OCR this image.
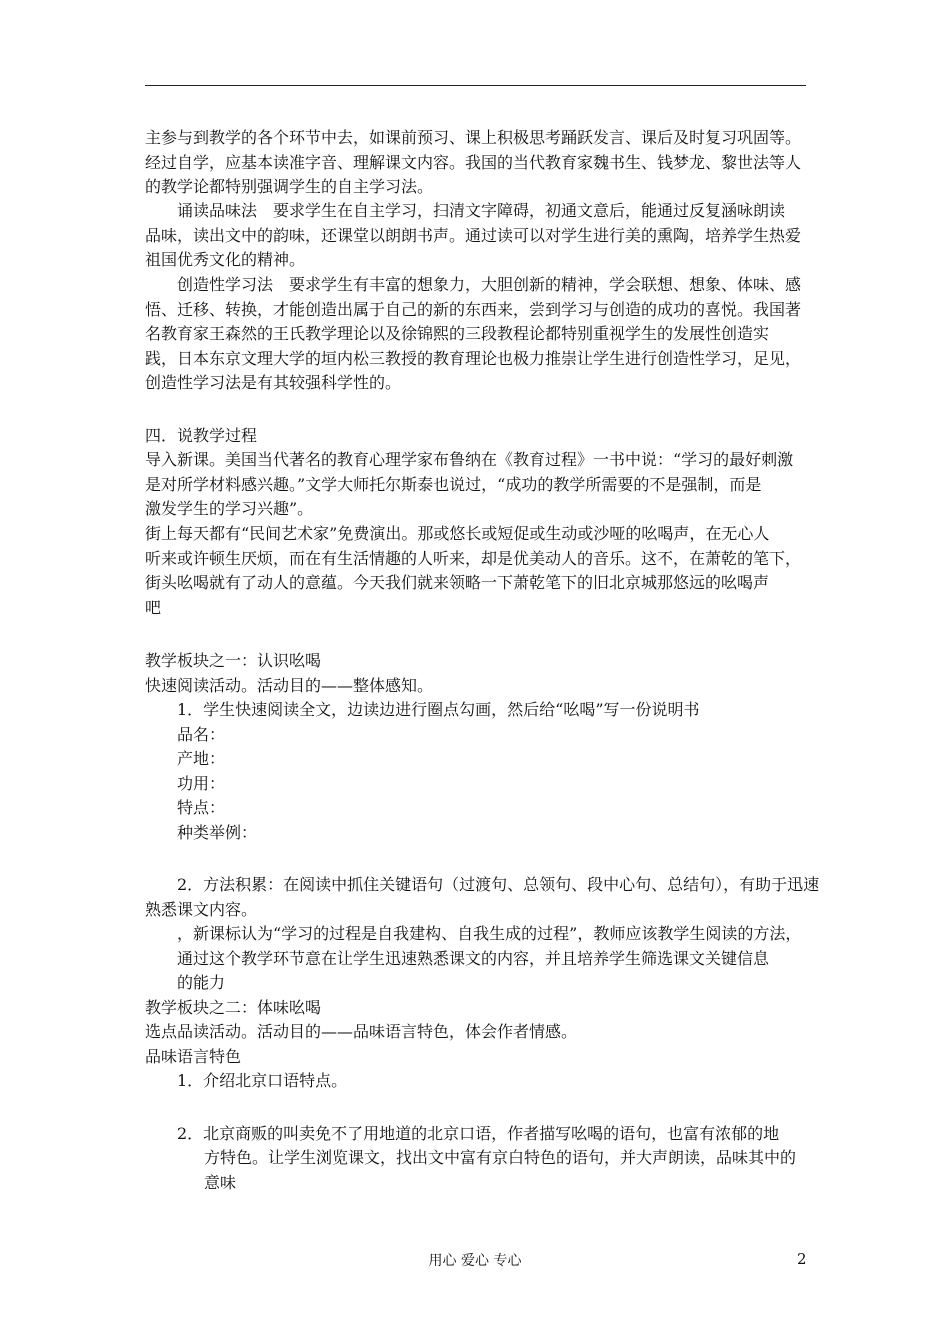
主参与到教学的各个环节中去，如课前预习、课上积极思考踊跃发言、课后及时复习巩固等。
经过自学，应基本读准字音、理解课文内容。我国的当代教育家魏书生、钱梦龙、黎世法等人
的教学论都特别强调学生的自主学习法。
诵读品味法　要求学生在自主学习，扫清文字障碍，初通文意后，能通过反复涵咏朗读
品味，读出文中的韵味，还课堂以朗朗书声。通过读可以对学生进行美的熏陶，培养学生热爱
祖国优秀文化的精神。
创造性学习法　要求学生有丰富的想象力，大胆创新的精神，学会联想、想象、体味、感
悟、迁移、转换，才能创造出属于自己的新的东西来，尝到学习与创造的成功的喜悦。我国著
名教育家王森然的王氏教学理论以及徐锦熙的三段教程论都特别重视学生的发展性创造实
践，日本东京文理大学的垣内松三教授的教育理论也极力推崇让学生进行创造性学习，足见，
创造性学习法是有其较强科学性的。
四．说教学过程
导入新课。美国当代著名的教育心理学家布鲁纳在《教育过程》一书中说：“学习的最好刺激
是对所学材料感兴趣。”文学大师托尔斯泰也说过，“成功的教学所需要的不是强制，而是
激发学生的学习兴趣”。
街上每天都有“民间艺术家”免费演出。那或悠长或短促或生动或沙哑的吆喝声，在无心人
听来或许顿生厌烦，而在有生活情趣的人听来，却是优美动人的音乐。这不，在萧乾的笔下，
街头吆喝就有了动人的意蕴。今天我们就来领略一下萧乾笔下的旧北京城那悠远的吆喝声
吧
教学板块之一：认识吆喝
快速阅读活动。活动目的——整体感知。
1．学生快速阅读全文，边读边进行圈点勾画，然后给“吆喝”写一份说明书
品名：
产地：
功用：
特点：
种类举例：
2．方法积累：在阅读中抓住关键语句（过渡句、总领句、段中心句、总结句），有助于迅速
熟悉课文内容。
，新课标认为“学习的过程是自我建构、自我生成的过程”，教师应该教学生阅读的方法，
通过这个教学环节意在让学生迅速熟悉课文的内容，并且培养学生筛选课文关键信息
的能力
教学板块之二：体味吆喝
选点品读活动。活动目的——品味语言特色，体会作者情感。
品味语言特色
1．介绍北京口语特点。
2．北京商贩的叫卖免不了用地道的北京口语，作者描写吆喝的语句，也富有浓郁的地
方特色。让学生浏览课文，找出文中富有京白特色的语句，并大声朗读，品味其中的
意味
用心 爱心 专心	2
